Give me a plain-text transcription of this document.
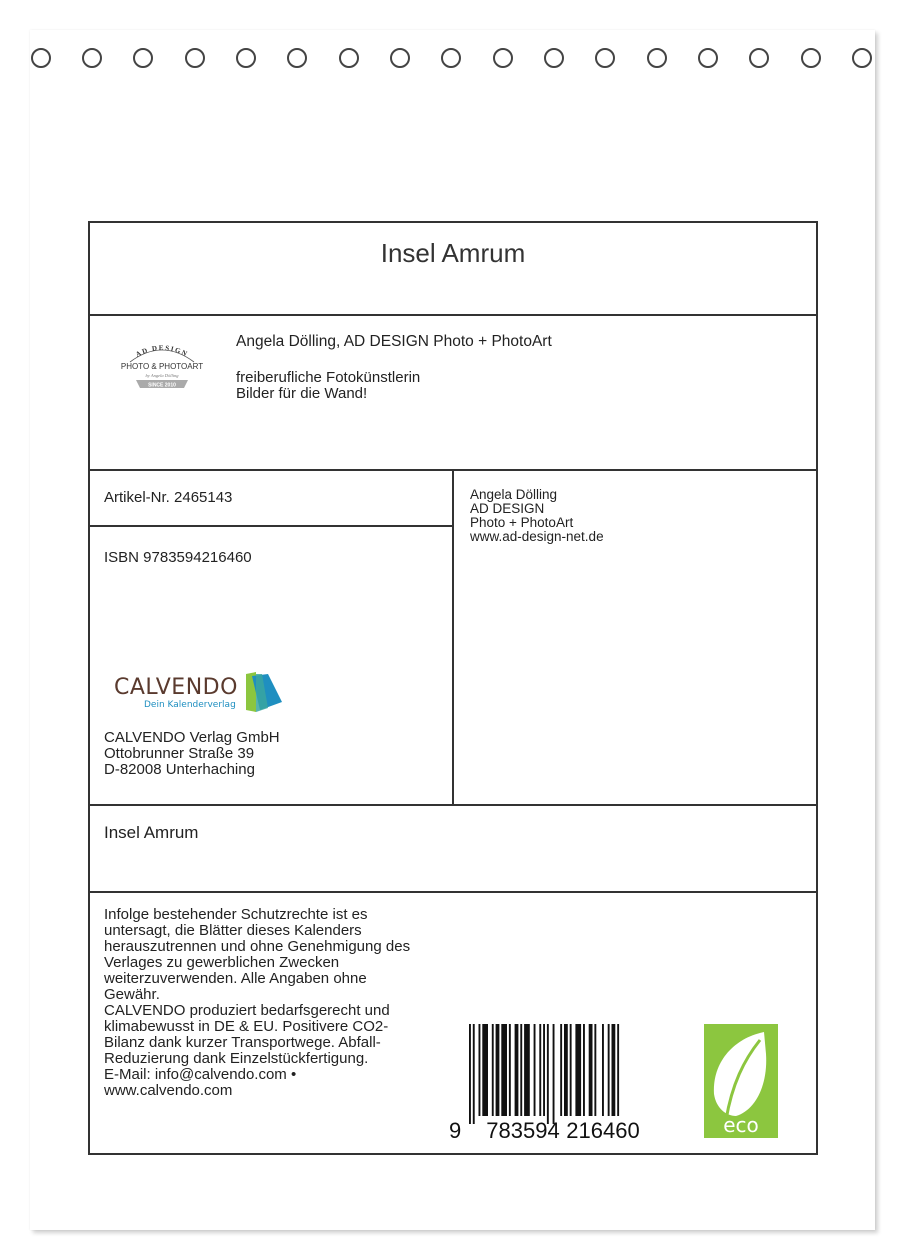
Insel Amrum
AD DESIGN
PHOTO & PHOTOART
by Angela Dölling
SINCE 2010
Angela Dölling, AD DESIGN Photo + PhotoArt
freiberufliche Fotokünstlerin
Bilder für die Wand!
Artikel-Nr. 2465143
ISBN 9783594216460
Angela Dölling
AD DESIGN
Photo + PhotoArt
www.ad-design-net.de
CALVENDO
Dein Kalenderverlag
CALVENDO Verlag GmbH
Ottobrunner Straße 39
D-82008 Unterhaching
Insel Amrum
Infolge bestehender Schutzrechte ist es
untersagt, die Blätter dieses Kalenders
herauszutrennen und ohne Genehmigung des
Verlages zu gewerblichen Zwecken
weiterzuverwenden. Alle Angaben ohne
Gewähr.
CALVENDO produziert bedarfsgerecht und
klimabewusst in DE & EU. Positivere CO2-
Bilanz dank kurzer Transportwege. Abfall-
Reduzierung dank Einzelstückfertigung.
E-Mail: info@calvendo.com •
www.calvendo.com
9 783594 216460	eco
